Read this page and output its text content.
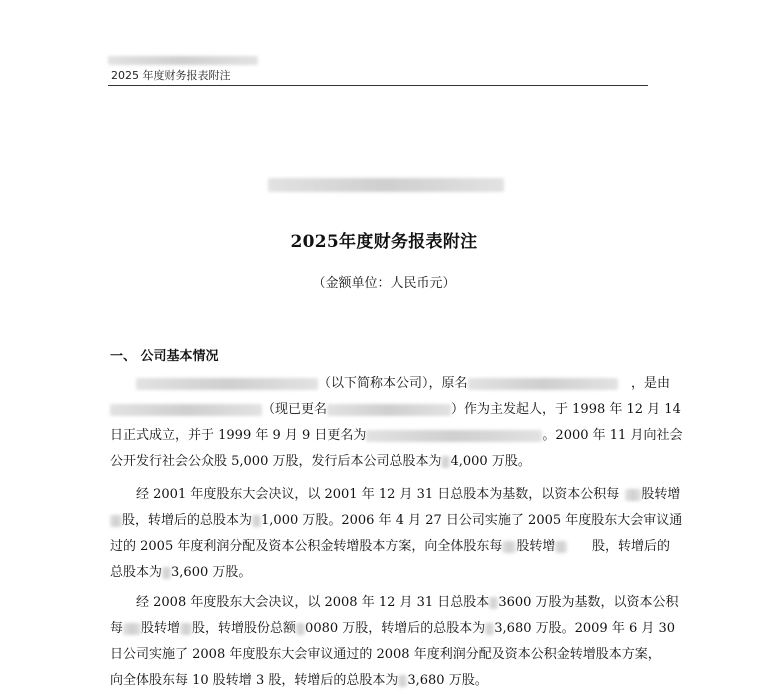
2025 年度财务报表附注
2025年度财务报表附注
（金额单位：人民币元）
一、 公司基本情况
（以下简称本公司），原名	，是由
（现已更名	）作为主发起人，于 1998 年 12 月 14
日正式成立，并于 1999 年 9 月 9 日更名为	。2000 年 11 月向社会
公开发行社会公众股 5,000 万股，发行后本公司总股本为 4,000 万股。
经 2001 年度股东大会决议，以 2001 年 12 月 31 日总股本为基数，以资本公积每	股转增
股，转增后的总股本为 1,000 万股。2006 年 4 月 27 日公司实施了 2005 年度股东大会审议通
过的 2005 年度利润分配及资本公积金转增股本方案，向全体股东每 股转增	股，转增后的
总股本为 3,600 万股。
经 2008 年度股东大会决议，以 2008 年 12 月 31 日总股本 3600 万股为基数，以资本公积
每 股转增 股，转增股份总额 0080 万股，转增后的总股本为 3,680 万股。2009 年 6 月 30
日公司实施了 2008 年度股东大会审议通过的 2008 年度利润分配及资本公积金转增股本方案，
向全体股东每 10 股转增 3 股，转增后的总股本为 3,680 万股。
